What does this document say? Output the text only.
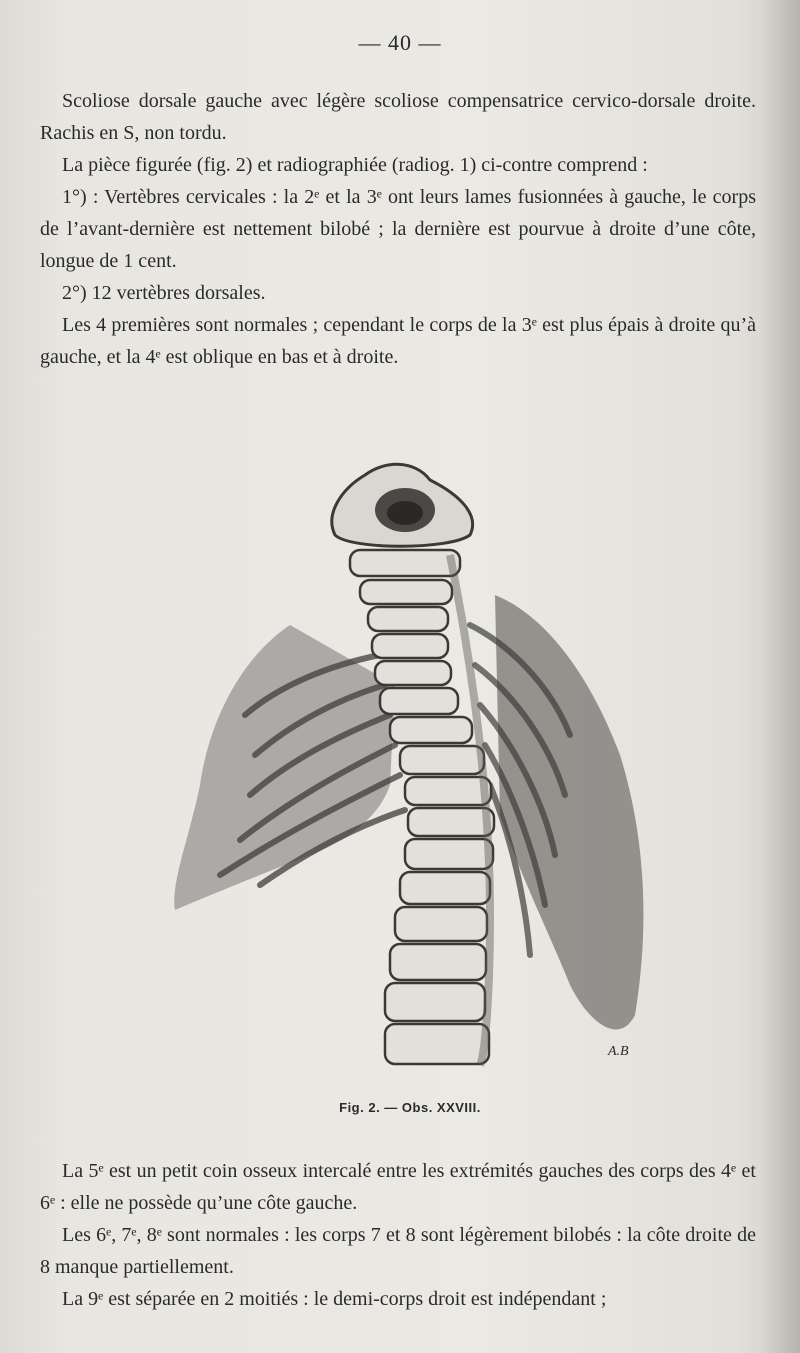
— 40 —

Scoliose dorsale gauche avec légère scoliose compensatrice cervico-dorsale droite. Rachis en S, non tordu.

La pièce figurée (fig. 2) et radiographiée (radiog. 1) ci-contre comprend :

1°) : Vertèbres cervicales : la 2ᵉ et la 3ᵉ ont leurs lames fusionnées à gauche, le corps de l’avant-dernière est nettement bilobé ; la dernière est pourvue à droite d’une côte, longue de 1 cent.

2°) 12 vertèbres dorsales.

Les 4 premières sont normales ; cependant le corps de la 3ᵉ est plus épais à droite qu’à gauche, et la 4ᵉ est oblique en bas et à droite.

A.B
Fig. 2. — Obs. XXVIII.

La 5ᵉ est un petit coin osseux intercalé entre les extrémités gauches des corps des 4ᵉ et 6ᵉ : elle ne possède qu’une côte gauche.

Les 6ᵉ, 7ᵉ, 8ᵉ sont normales : les corps 7 et 8 sont légèrement bilobés : la côte droite de 8 manque partiellement.

La 9ᵉ est séparée en 2 moitiés : le demi-corps droit est indépendant ;
